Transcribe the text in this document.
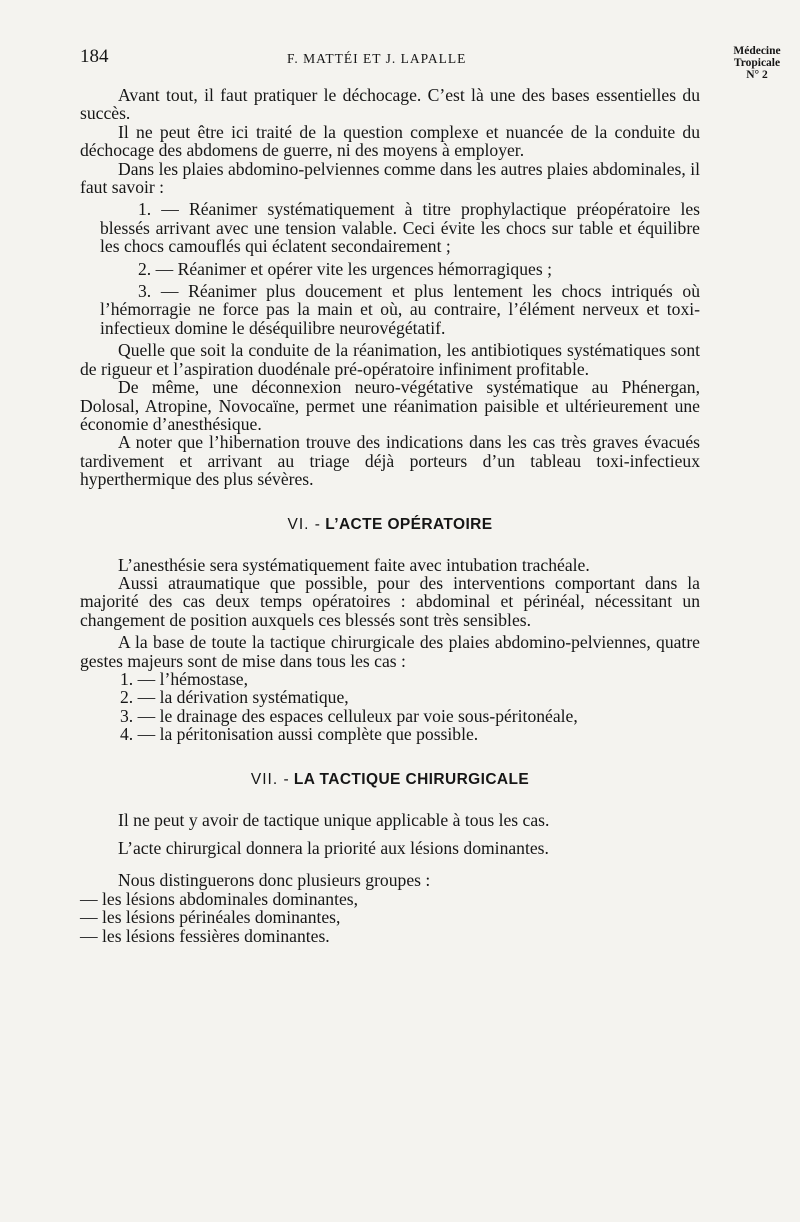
184	F. MATTÉI ET J. LAPALLE	Médecine
Tropicale
N° 2

Avant tout, il faut pratiquer le déchocage. C’est là une des bases essentielles du succès.

Il ne peut être ici traité de la question complexe et nuancée de la conduite du déchocage des abdomens de guerre, ni des moyens à employer.

Dans les plaies abdomino-pelviennes comme dans les autres plaies abdominales, il faut savoir :

1. — Réanimer systématiquement à titre prophylactique préopératoire les blessés arrivant avec une tension valable. Ceci évite les chocs sur table et équilibre les chocs camouflés qui éclatent secondairement ;

2. — Réanimer et opérer vite les urgences hémorragiques ;

3. — Réanimer plus doucement et plus lentement les chocs intriqués où l’hémorragie ne force pas la main et où, au contraire, l’élément nerveux et toxi-infectieux domine le déséquilibre neurovégétatif.

Quelle que soit la conduite de la réanimation, les antibiotiques systématiques sont de rigueur et l’aspiration duodénale pré-opératoire infiniment profitable.

De même, une déconnexion neuro-végétative systématique au Phénergan, Dolosal, Atropine, Novocaïne, permet une réanimation paisible et ultérieurement une économie d’anesthésique.

A noter que l’hibernation trouve des indications dans les cas très graves évacués tardivement et arrivant au triage déjà porteurs d’un tableau toxi-infectieux hyperthermique des plus sévères.

VI. - L’ACTE OPÉRATOIRE

L’anesthésie sera systématiquement faite avec intubation trachéale.

Aussi atraumatique que possible, pour des interventions comportant dans la majorité des cas deux temps opératoires : abdominal et périnéal, nécessitant un changement de position auxquels ces blessés sont très sensibles.

A la base de toute la tactique chirurgicale des plaies abdomino-pelviennes, quatre gestes majeurs sont de mise dans tous les cas :

1. — l’hémostase,

2. — la dérivation systématique,

3. — le drainage des espaces celluleux par voie sous-péritonéale,

4. — la péritonisation aussi complète que possible.

VII. - LA TACTIQUE CHIRURGICALE

Il ne peut y avoir de tactique unique applicable à tous les cas.

L’acte chirurgical donnera la priorité aux lésions dominantes.

Nous distinguerons donc plusieurs groupes :

— les lésions abdominales dominantes,

— les lésions périnéales dominantes,

— les lésions fessières dominantes.
